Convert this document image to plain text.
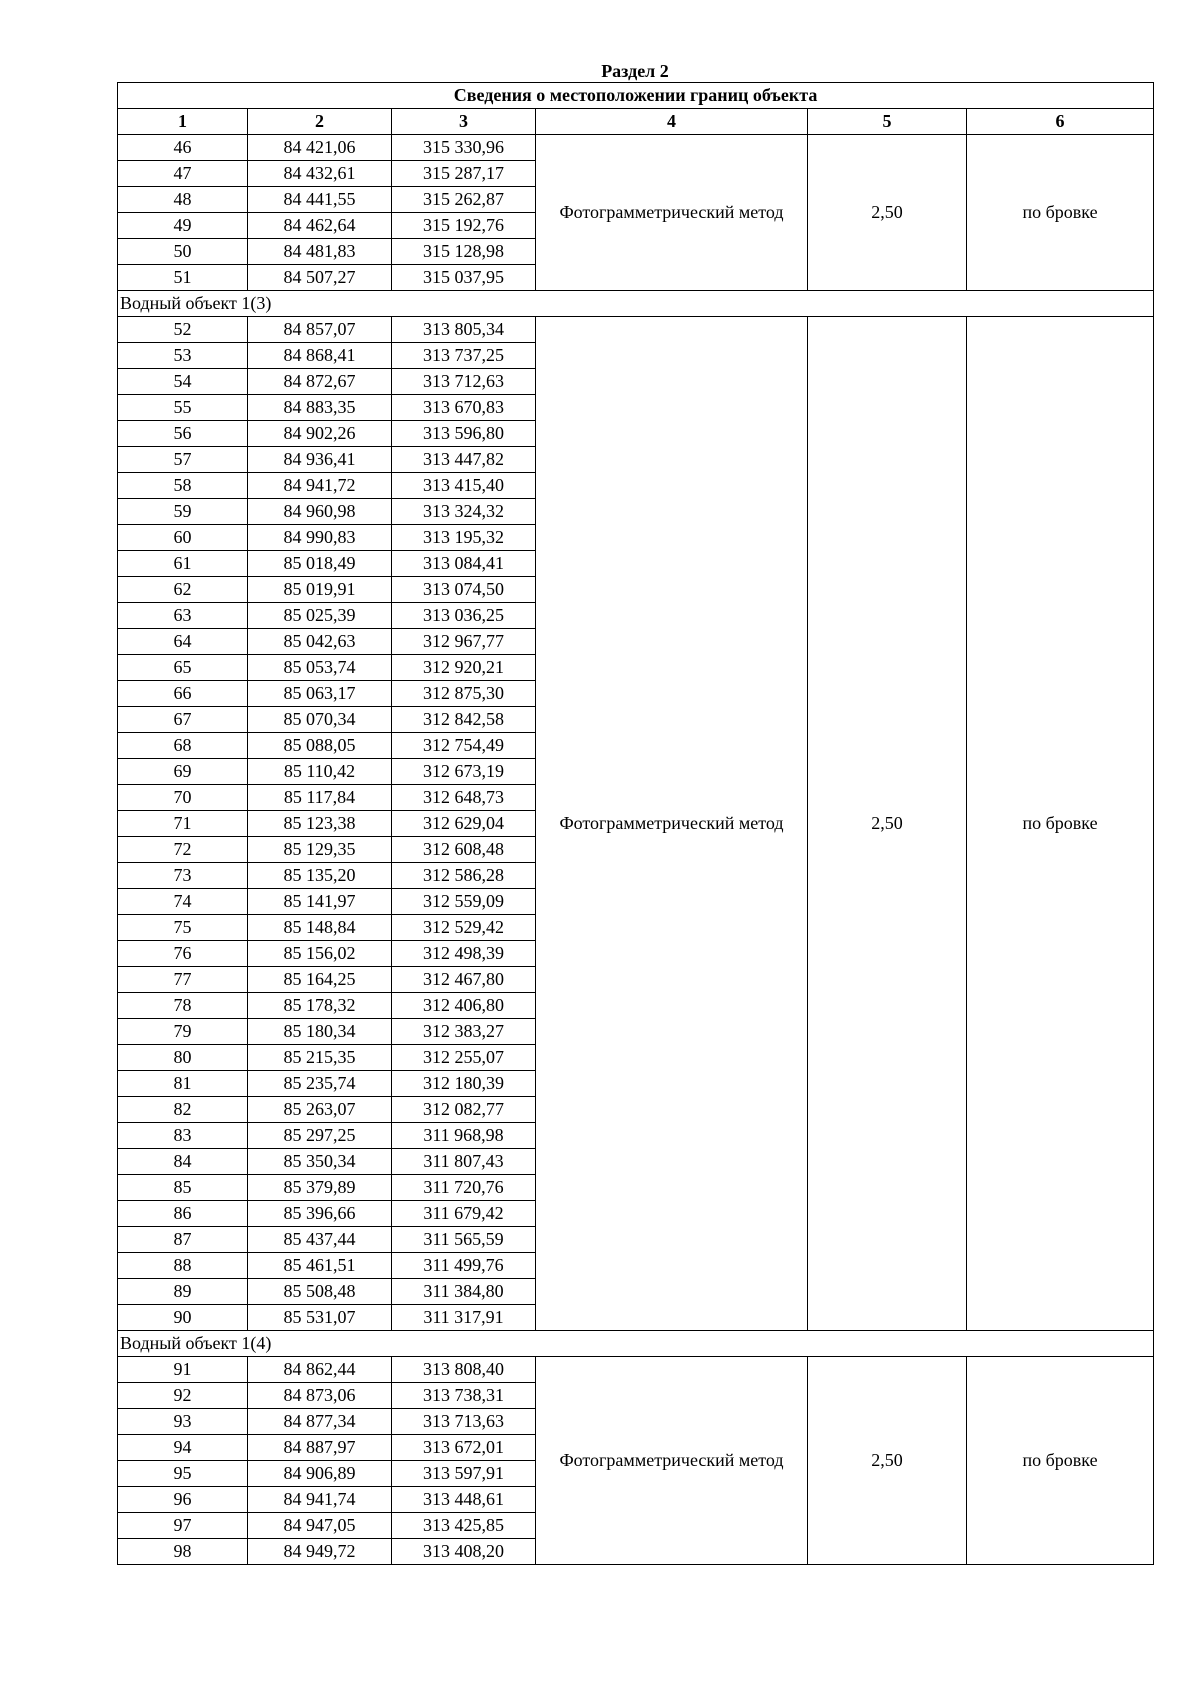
Раздел 2
Сведения о местоположении границ объекта					
1	2	3	4	5	6
46	84 421,06	315 330,96	Фотограмметрический метод	2,50	по бровке
47	84 432,61	315 287,17			
48	84 441,55	315 262,87			
49	84 462,64	315 192,76			
50	84 481,83	315 128,98			
51	84 507,27	315 037,95			
Водный объект 1(3)					
52	84 857,07	313 805,34	Фотограмметрический метод	2,50	по бровке
53	84 868,41	313 737,25			
54	84 872,67	313 712,63			
55	84 883,35	313 670,83			
56	84 902,26	313 596,80			
57	84 936,41	313 447,82			
58	84 941,72	313 415,40			
59	84 960,98	313 324,32			
60	84 990,83	313 195,32			
61	85 018,49	313 084,41			
62	85 019,91	313 074,50			
63	85 025,39	313 036,25			
64	85 042,63	312 967,77			
65	85 053,74	312 920,21			
66	85 063,17	312 875,30			
67	85 070,34	312 842,58			
68	85 088,05	312 754,49			
69	85 110,42	312 673,19			
70	85 117,84	312 648,73			
71	85 123,38	312 629,04			
72	85 129,35	312 608,48			
73	85 135,20	312 586,28			
74	85 141,97	312 559,09			
75	85 148,84	312 529,42			
76	85 156,02	312 498,39			
77	85 164,25	312 467,80			
78	85 178,32	312 406,80			
79	85 180,34	312 383,27			
80	85 215,35	312 255,07			
81	85 235,74	312 180,39			
82	85 263,07	312 082,77			
83	85 297,25	311 968,98			
84	85 350,34	311 807,43			
85	85 379,89	311 720,76			
86	85 396,66	311 679,42			
87	85 437,44	311 565,59			
88	85 461,51	311 499,76			
89	85 508,48	311 384,80			
90	85 531,07	311 317,91			
Водный объект 1(4)					
91	84 862,44	313 808,40	Фотограмметрический метод	2,50	по бровке
92	84 873,06	313 738,31			
93	84 877,34	313 713,63			
94	84 887,97	313 672,01			
95	84 906,89	313 597,91			
96	84 941,74	313 448,61			
97	84 947,05	313 425,85			
98	84 949,72	313 408,20			
